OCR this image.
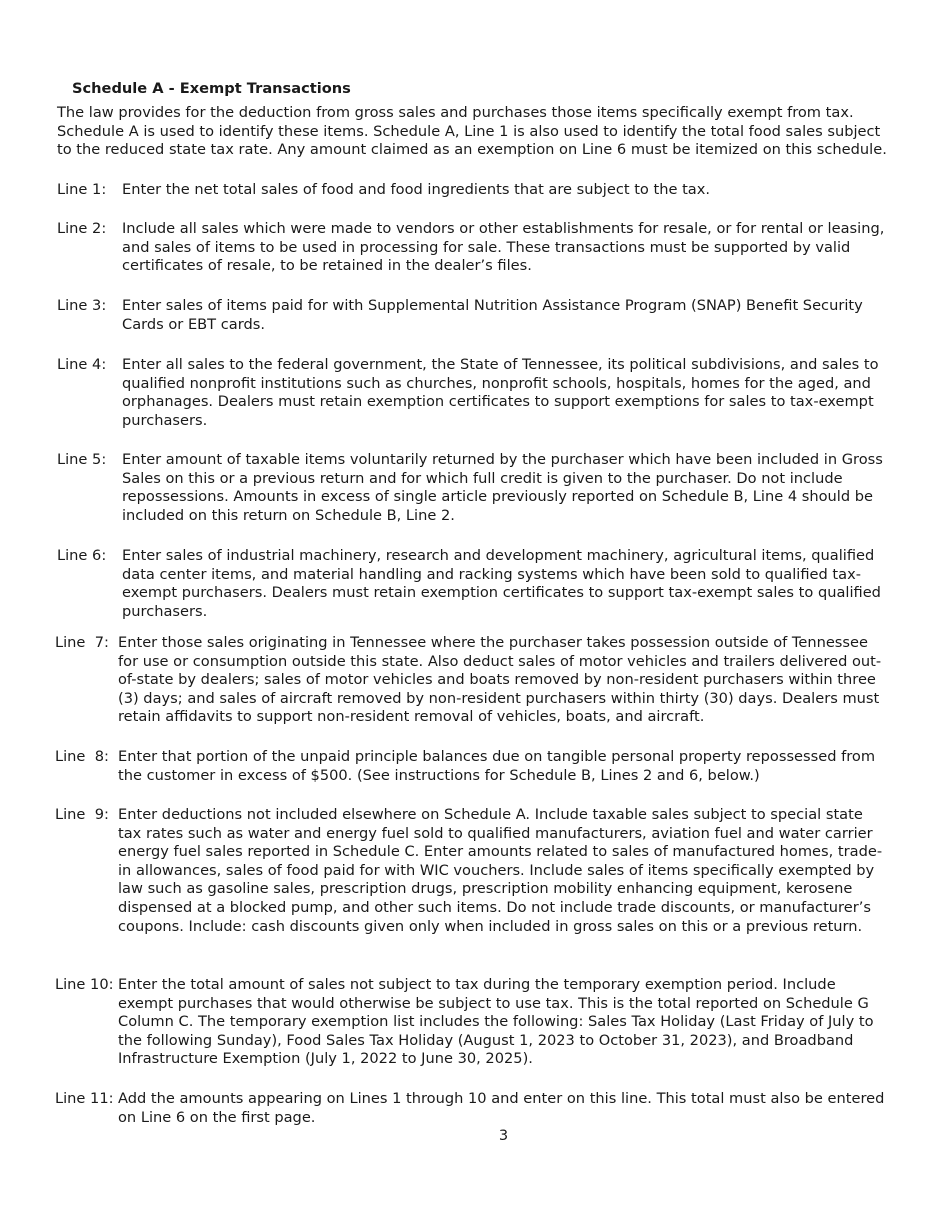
Schedule A - Exempt Transactions
The law provides for the deduction from gross sales and purchases those items specifically exempt from tax. Schedule A is used to identify these items. Schedule A, Line 1 is also used to identify the total food sales subject to the reduced state tax rate. Any amount claimed as an exemption on Line 6 must be itemized on this schedule.
Line 1: Enter the net total sales of food and food ingredients that are subject to the tax.
Line 2: Include all sales which were made to vendors or other establishments for resale, or for rental or leasing, and sales of items to be used in processing for sale. These transactions must be supported by valid certificates of resale, to be retained in the dealer’s files.
Line 3: Enter sales of items paid for with Supplemental Nutrition Assistance Program (SNAP) Benefit Security Cards or EBT cards.
Line 4: Enter all sales to the federal government, the State of Tennessee, its political subdivisions, and sales to qualified nonprofit institutions such as churches, nonprofit schools, hospitals, homes for the aged, and orphanages. Dealers must retain exemption certificates to support exemptions for sales to tax-exempt purchasers.
Line 5: Enter amount of taxable items voluntarily returned by the purchaser which have been included in Gross Sales on this or a previous return and for which full credit is given to the purchaser. Do not include repossessions. Amounts in excess of single article previously reported on Schedule B, Line 4 should be included on this return on Schedule B, Line 2.
Line 6: Enter sales of industrial machinery, research and development machinery, agricultural items, qualified data center items, and material handling and racking systems which have been sold to qualified tax-exempt purchasers. Dealers must retain exemption certificates to support tax-exempt sales to qualified purchasers.
Line  7: Enter those sales originating in Tennessee where the purchaser takes possession outside of Tennessee for use or consumption outside this state. Also deduct sales of motor vehicles and trailers delivered out-of-state by dealers; sales of motor vehicles and boats removed by non-resident purchasers within three (3) days; and sales of aircraft removed by non-resident purchasers within thirty (30) days. Dealers must retain affidavits to support non-resident removal of vehicles, boats, and aircraft.
Line  8: Enter that portion of the unpaid principle balances due on tangible personal property repossessed from the customer in excess of $500. (See instructions for Schedule B, Lines 2 and 6, below.)
Line  9: Enter deductions not included elsewhere on Schedule A. Include taxable sales subject to special state tax rates such as water and energy fuel sold to qualified manufacturers, aviation fuel and water carrier energy fuel sales reported in Schedule C. Enter amounts related to sales of manufactured homes, trade-in allowances, sales of food paid for with WIC vouchers. Include sales of items specifically exempted by law such as gasoline sales, prescription drugs, prescription mobility enhancing equipment, kerosene dispensed at a blocked pump, and other such items. Do not include trade discounts, or manufacturer’s coupons. Include: cash discounts given only when included in gross sales on this or a previous return.
Line 10: Enter the total amount of sales not subject to tax during the temporary exemption period. Include exempt purchases that would otherwise be subject to use tax. This is the total reported on Schedule G Column C. The temporary exemption list includes the following: Sales Tax Holiday (Last Friday of July to the following Sunday), Food Sales Tax Holiday (August 1, 2023 to October 31, 2023), and Broadband Infrastructure Exemption (July 1, 2022 to June 30, 2025).
Line 11: Add the amounts appearing on Lines 1 through 10 and enter on this line. This total must also be entered on Line 6 on the first page.
3
